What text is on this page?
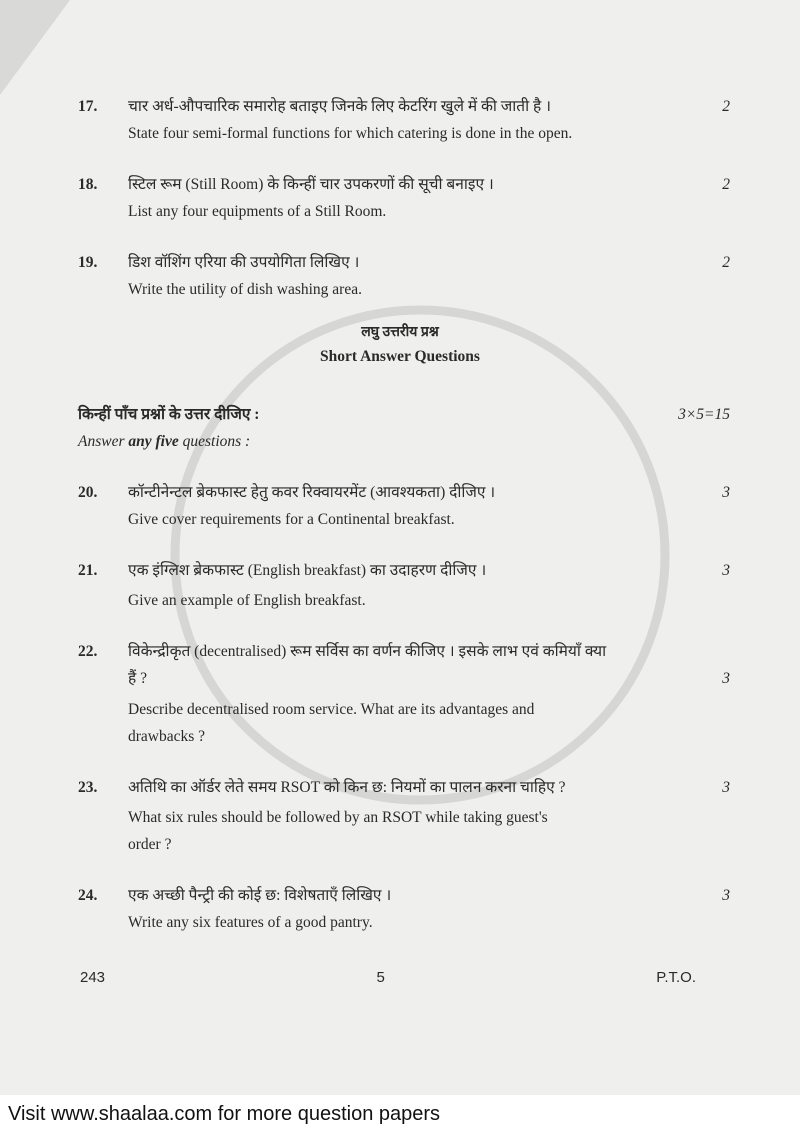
17.	चार अर्ध-औपचारिक समारोह बताइए जिनके लिए केटरिंग खुले में की जाती है ।	2
State four semi-formal functions for which catering is done in the open.
18.	स्टिल रूम (Still Room) के किन्हीं चार उपकरणों की सूची बनाइए ।	2
List any four equipments of a Still Room.
19.	डिश वॉशिंग एरिया की उपयोगिता लिखिए ।	2
Write the utility of dish washing area.
लघु उत्तरीय प्रश्न
Short Answer Questions
किन्हीं पाँच प्रश्नों के उत्तर दीजिए :	3×5=15
Answer any five questions :
20.	कॉन्टीनेन्टल ब्रेकफास्ट हेतु कवर रिक्वायरमेंट (आवश्यकता) दीजिए ।	3
Give cover requirements for a Continental breakfast.
21.	एक इंग्लिश ब्रेकफास्ट (English breakfast) का उदाहरण दीजिए ।	3
Give an example of English breakfast.
22.	विकेन्द्रीकृत (decentralised) रूम सर्विस का वर्णन कीजिए । इसके लाभ एवं कमियाँ क्या
हैं ?	3
Describe decentralised room service. What are its advantages and
drawbacks ?
23.	अतिथि का ऑर्डर लेते समय RSOT को किन छ: नियमों का पालन करना चाहिए ?	3
What six rules should be followed by an RSOT while taking guest's
order ?
24.	एक अच्छी पैन्ट्री की कोई छ: विशेषताएँ लिखिए ।	3
Write any six features of a good pantry.
243	5	P.T.O.
Visit www.shaalaa.com for more question papers
